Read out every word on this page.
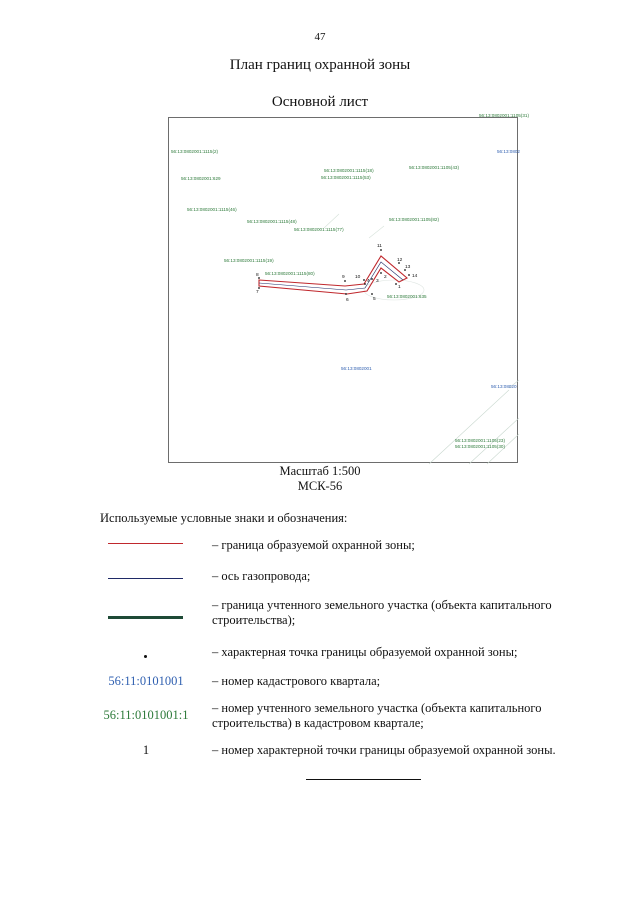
47
План границ охранной зоны
Основной лист
56:13:0802001:1115(2)
56:13:0802001:629
56:13:0802001:1115(46)
56:13:0802001:1115(48)
56:13:0802001:1115(77)
56:13:0802001:1115(19)
56:13:0802001:1115(80)
56:13:0802001:1115(18)
56:13:0802001:1115(53)
56:13:0802001:1105(43)
56:13:0802001:1105(82)
56:13:0802001:635
56:13:0802
56:13:0802001
56:13:08020
56:13:0802001:1105(23)
56:13:0802001:1105(30)
56:13:0802001:1105(31)
1
2
3
4
5
6
7
8	9 10
11
12
13
14
Масштаб 1:500
МСК-56
Используемые условные знаки и обозначения:
– граница образуемой охранной зоны;
– ось газопровода;
– граница учтенного земельного участка (объекта капитального строительства);
– характерная точка границы образуемой охранной зоны;
56:11:0101001	– номер кадастрового квартала;
56:11:0101001:1	– номер учтенного земельного участка (объекта капитального строительства) в кадастровом квартале;
1	– номер характерной точки границы образуемой охранной зоны.
